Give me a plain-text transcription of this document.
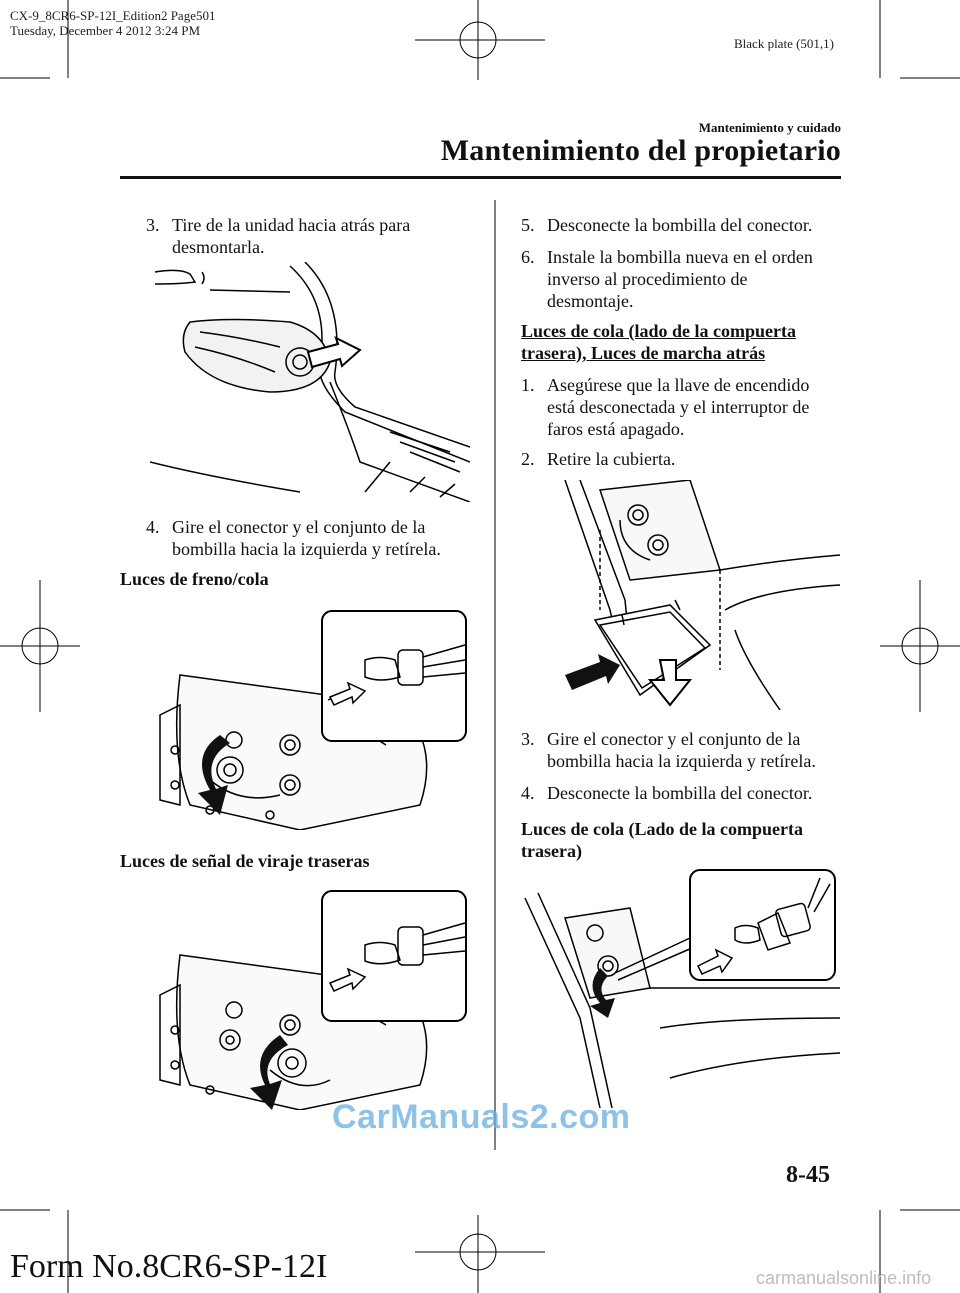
CX-9_8CR6-SP-12I_Edition2 Page501
Tuesday, December 4 2012 3:24 PM
Black plate (501,1)
Mantenimiento y cuidado
Mantenimiento del propietario
3. Tire de la unidad hacia atrás para
desmontarla.
4. Gire el conector y el conjunto de la
bombilla hacia la izquierda y retírela.
Luces de freno/cola
Luces de señal de viraje traseras
5. Desconecte la bombilla del conector.
6. Instale la bombilla nueva en el orden
inverso al procedimiento de
desmontaje.
Luces de cola (lado de la compuerta
trasera), Luces de marcha atrás
1. Asegúrese que la llave de encendido
está desconectada y el interruptor de
faros está apagado.
2. Retire la cubierta.
3. Gire el conector y el conjunto de la
bombilla hacia la izquierda y retírela.
4. Desconecte la bombilla del conector.
Luces de cola (Lado de la compuerta
trasera)
8-45
Form No.8CR6-SP-12I
CarManuals2.com
carmanualsonline.info
